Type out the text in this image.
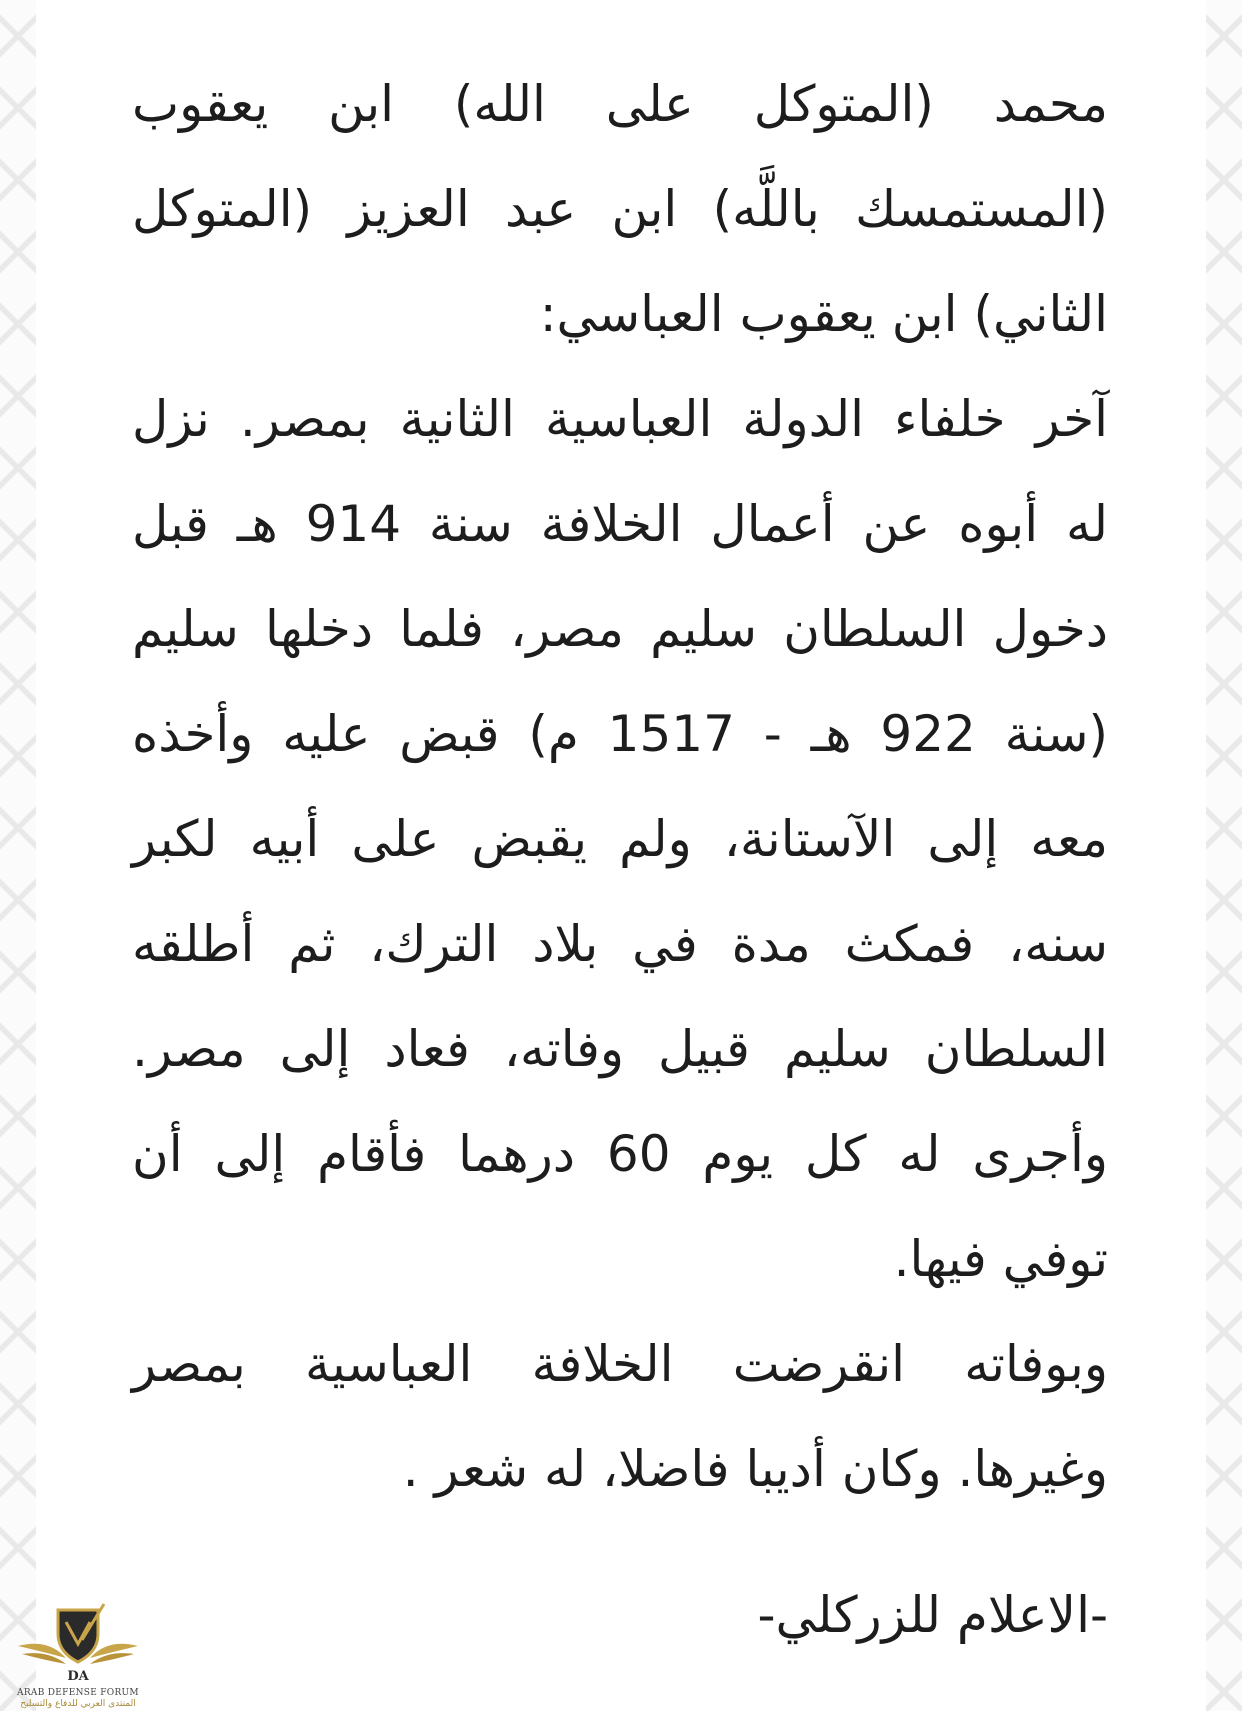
محمد (المتوكل على الله) ابن يعقوب
(المستمسك باللَّه) ابن عبد العزيز (المتوكل
الثاني) ابن يعقوب العباسي:
آخر خلفاء الدولة العباسية الثانية بمصر. نزل
له أبوه عن أعمال الخلافة سنة 914 هـ قبل
دخول السلطان سليم مصر، فلما دخلها سليم
(سنة 922 هـ - 1517 م) قبض عليه وأخذه
معه إلى الآستانة، ولم يقبض على أبيه لكبر
سنه، فمكث مدة في بلاد الترك، ثم أطلقه
السلطان سليم قبيل وفاته، فعاد إلى مصر.
وأجرى له كل يوم 60 درهما فأقام إلى أن
توفي فيها.
وبوفاته انقرضت الخلافة العباسية بمصر
وغيرها. وكان أديبا فاضلا، له شعر .
-الاعلام للزركلي-
DA
ARAB DEFENSE FORUM
المنتدى العربي للدفاع والتسليح
